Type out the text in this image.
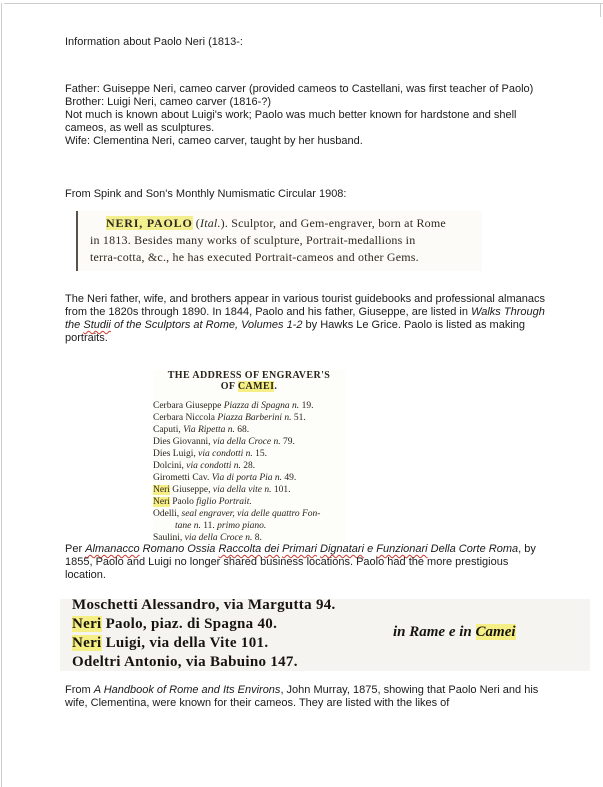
Information about Paolo Neri (1813-:
Father: Guiseppe Neri, cameo carver (provided cameos to Castellani, was first teacher of Paolo)
Brother: Luigi Neri, cameo carver (1816-?)
Not much is known about Luigi's work; Paolo was much better known for hardstone and shell cameos, as well as sculptures.
Wife: Clementina Neri, cameo carver, taught by her husband.
From Spink and Son's Monthly Numismatic Circular 1908:
NERI, PAOLO (Ital.). Sculptor, and Gem-engraver, born at Rome
in 1813. Besides many works of sculpture, Portrait-medallions in
terra-cotta, &c., he has executed Portrait-cameos and other Gems.
The Neri father, wife, and brothers appear in various tourist guidebooks and professional almanacs from the 1820s through 1890. In 1844, Paolo and his father, Giuseppe, are listed in Walks Through the Studii of the Sculptors at Rome, Volumes 1-2 by Hawks Le Grice. Paolo is listed as making portraits.
THE ADDRESS OF ENGRAVER'S
OF CAMEI.
Cerbara Giuseppe Piazza di Spagna n. 19.
Cerbara Niccola Piazza Barberini n. 51.
Caputi, Via Ripetta n. 68.
Dies Giovanni, via della Croce n. 79.
Dies Luigi, via condotti n. 15.
Dolcini, via condotti n. 28.
Girometti Cav. Via di porta Pia n. 49.
Neri Giuseppe, via della vite n. 101.
Neri Paolo figlio Portrait.
Odelli, seal engraver, via delle quattro Fon-
tane n. 11. primo piano.
Saulini, via della Croce n. 8.
Per Almanacco Romano Ossia Raccolta dei Primari Dignatari e Funzionari Della Corte Roma, by 1855, Paolo and Luigi no longer shared business locations. Paolo had the more prestigious location.
Moschetti Alessandro, via Margutta 94.
Neri Paolo, piaz. di Spagna 40.
Neri Luigi, via della Vite 101.
Odeltri Antonio, via Babuino 147.
in Rame e in Camei
From A Handbook of Rome and Its Environs, John Murray, 1875, showing that Paolo Neri and his wife, Clementina, were known for their cameos. They are listed with the likes of
